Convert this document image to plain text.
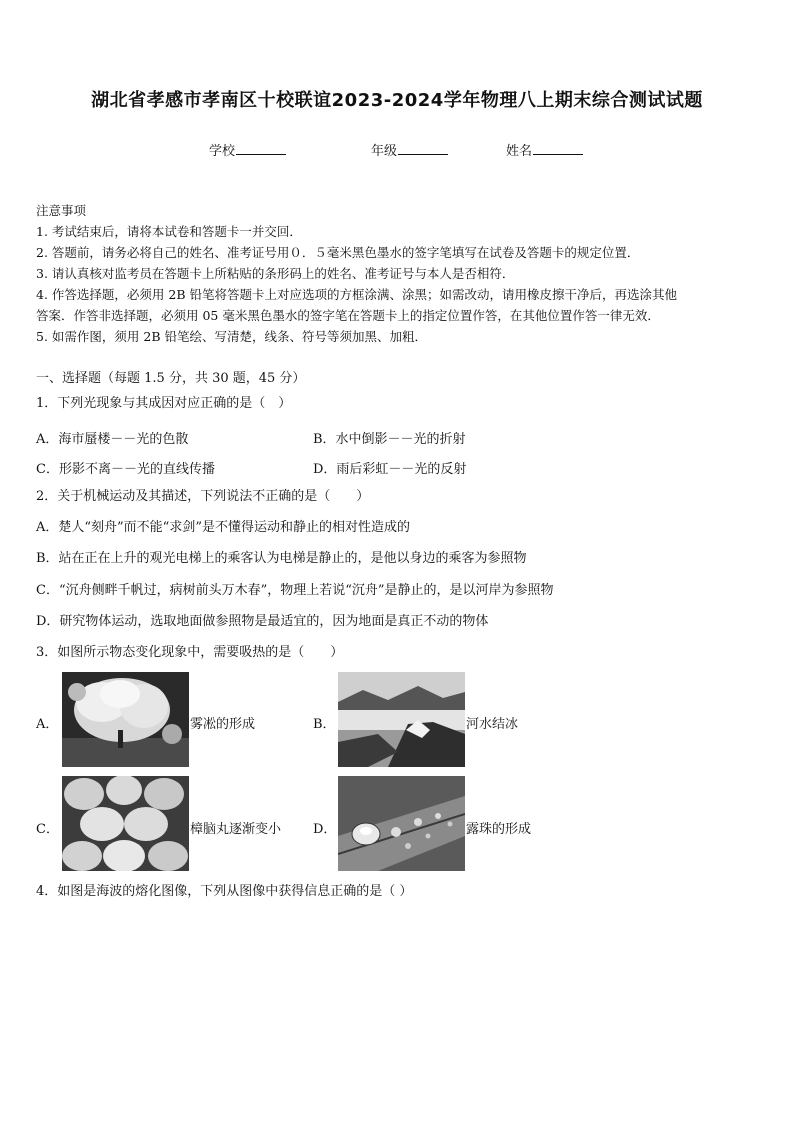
湖北省孝感市孝南区十校联谊2023-2024学年物理八上期末综合测试试题
学校	年级	姓名
注意事项
1. 考试结束后，请将本试卷和答题卡一并交回．
2. 答题前，请务必将自己的姓名、准考证号用０．５毫米黑色墨水的签字笔填写在试卷及答题卡的规定位置．
3. 请认真核对监考员在答题卡上所粘贴的条形码上的姓名、准考证号与本人是否相符．
4. 作答选择题，必须用 2B 铅笔将答题卡上对应选项的方框涂满、涂黑；如需改动，请用橡皮擦干净后，再选涂其他
答案．作答非选择题，必须用 05 毫米黑色墨水的签字笔在答题卡上的指定位置作答，在其他位置作答一律无效．
5. 如需作图，须用 2B 铅笔绘、写清楚，线条、符号等须加黑、加粗．
一、选择题（每题 1.5 分，共 30 题，45 分）
1．下列光现象与其成因对应正确的是（　）
A．海市蜃楼－－光的色散	B．水中倒影－－光的折射
C．形影不离－－光的直线传播	D．雨后彩虹－－光的反射
2．关于机械运动及其描述，下列说法不正确的是（　　）
A．楚人“刻舟”而不能“求剑”是不懂得运动和静止的相对性造成的
B．站在正在上升的观光电梯上的乘客认为电梯是静止的，是他以身边的乘客为参照物
C．“沉舟侧畔千帆过，病树前头万木春”，物理上若说“沉舟”是静止的，是以河岸为参照物
D．研究物体运动，选取地面做参照物是最适宜的，因为地面是真正不动的物体
3．如图所示物态变化现象中，需要吸热的是（　　）
A．	雾凇的形成	B．	河水结冰
C．	樟脑丸逐渐变小 D．	露珠的形成
4．如图是海波的熔化图像，下列从图像中获得信息正确的是（ ）
